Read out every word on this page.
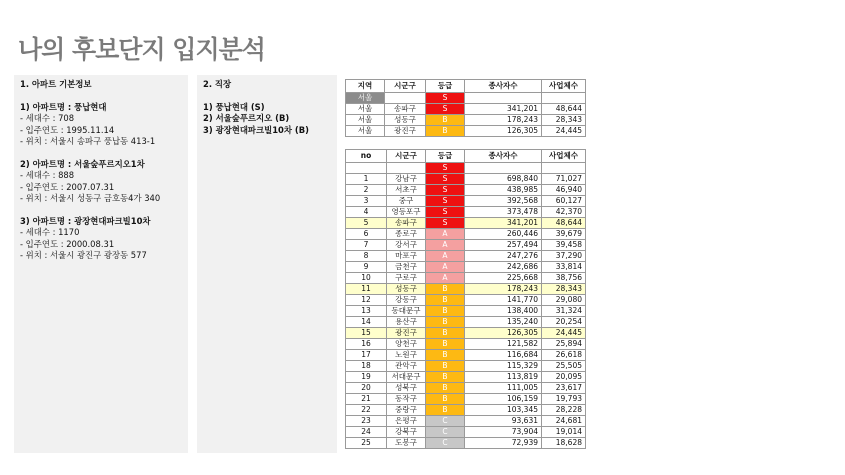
나의 후보단지 입지분석
1. 아파트 기본정보
1) 아파트명 : 풍납현대
- 세대수 : 708
- 입주연도 : 1995.11.14
- 위치 : 서울시 송파구 풍납동 413-1
2) 아파트명 : 서울숲푸르지오1차
- 세대수 : 888
- 입주연도 : 2007.07.31
- 위치 : 서울시 성동구 금호동4가 340
3) 아파트명 : 광장현대파크빌10차
- 세대수 : 1170
- 입주연도 : 2000.08.31
- 위치 : 서울시 광진구 광장동 577
2. 직장
1) 풍납현대 (S)
2) 서울숲푸르지오 (B)
3) 광장현대파크빌10차 (B)
지역	시군구	등급	종사자수	사업체수
서울		S		
서울	송파구	S	341,201	48,644
서울	성동구	B	178,243	28,343
서울	광진구	B	126,305	24,445
no	시군구	등급	종사자수	사업체수
		S		
1	강남구	S	698,840	71,027
2	서초구	S	438,985	46,940
3	중구	S	392,568	60,127
4	영등포구	S	373,478	42,370
5	송파구	S	341,201	48,644
6	종로구	A	260,446	39,679
7	강서구	A	257,494	39,458
8	마포구	A	247,276	37,290
9	금천구	A	242,686	33,814
10	구로구	A	225,668	38,756
11	성동구	B	178,243	28,343
12	강동구	B	141,770	29,080
13	동대문구	B	138,400	31,324
14	용산구	B	135,240	20,254
15	광진구	B	126,305	24,445
16	양천구	B	121,582	25,894
17	노원구	B	116,684	26,618
18	관악구	B	115,329	25,505
19	서대문구	B	113,819	20,095
20	성북구	B	111,005	23,617
21	동작구	B	106,159	19,793
22	중랑구	B	103,345	28,228
23	은평구	C	93,631	24,681
24	강북구	C	73,904	19,014
25	도봉구	C	72,939	18,628
